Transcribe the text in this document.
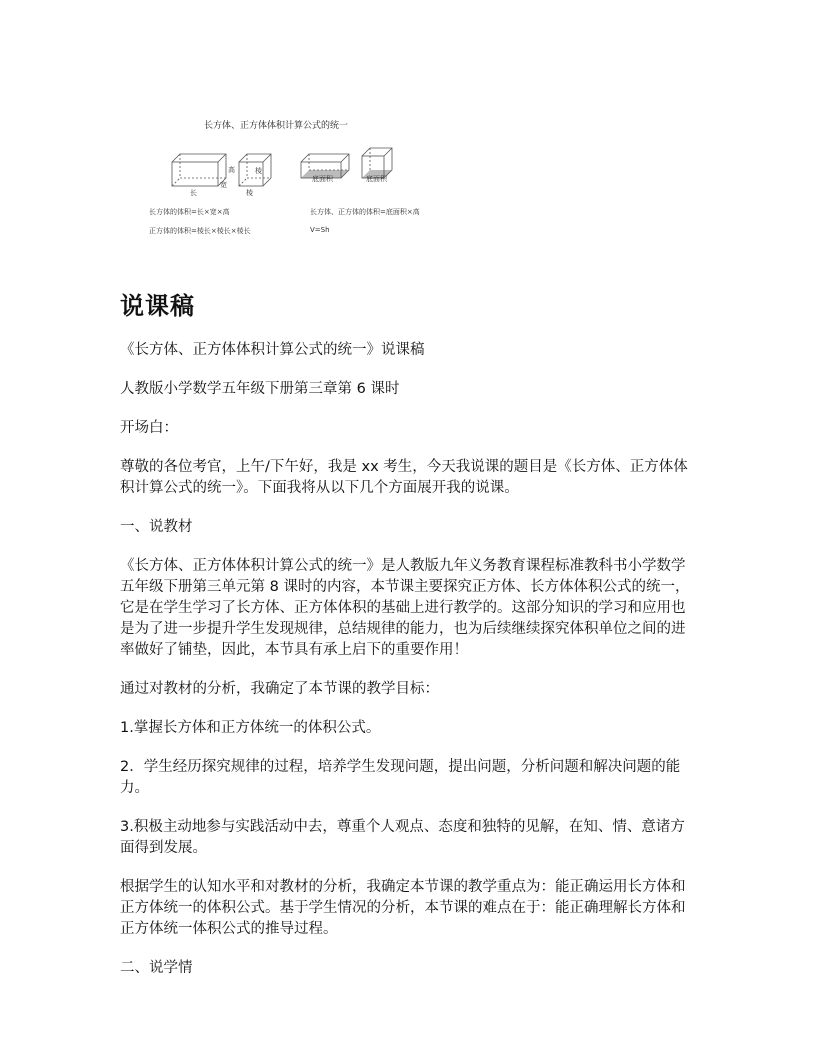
长方体、正方体体积计算公式的统一
高
长
宽
棱
棱
底面积	底面积
长方体的体积=长×宽×高
正方体的体积=棱长×棱长×棱长
长方体、正方体的体积=底面积×高
V=Sh
说课稿

《长方体、正方体体积计算公式的统一》说课稿

人教版小学数学五年级下册第三章第 6 课时

开场白：

尊敬的各位考官，上午/下午好，我是 xx 考生，今天我说课的题目是《长方体、正方体体积计算公式的统一》。下面我将从以下几个方面展开我的说课。

一、说教材

《长方体、正方体体积计算公式的统一》是人教版九年义务教育课程标准教科书小学数学五年级下册第三单元第 8 课时的内容，本节课主要探究正方体、长方体体积公式的统一，它是在学生学习了长方体、正方体体积的基础上进行教学的。这部分知识的学习和应用也是为了进一步提升学生发现规律，总结规律的能力，也为后续继续探究体积单位之间的进率做好了铺垫，因此，本节具有承上启下的重要作用！

通过对教材的分析，我确定了本节课的教学目标：

1.掌握长方体和正方体统一的体积公式。

2．学生经历探究规律的过程，培养学生发现问题，提出问题，分析问题和解决问题的能力。

3.积极主动地参与实践活动中去，尊重个人观点、态度和独特的见解，在知、情、意诸方面得到发展。

根据学生的认知水平和对教材的分析，我确定本节课的教学重点为：能正确运用长方体和正方体统一的体积公式。基于学生情况的分析，本节课的难点在于：能正确理解长方体和正方体统一体积公式的推导过程。

二、说学情
